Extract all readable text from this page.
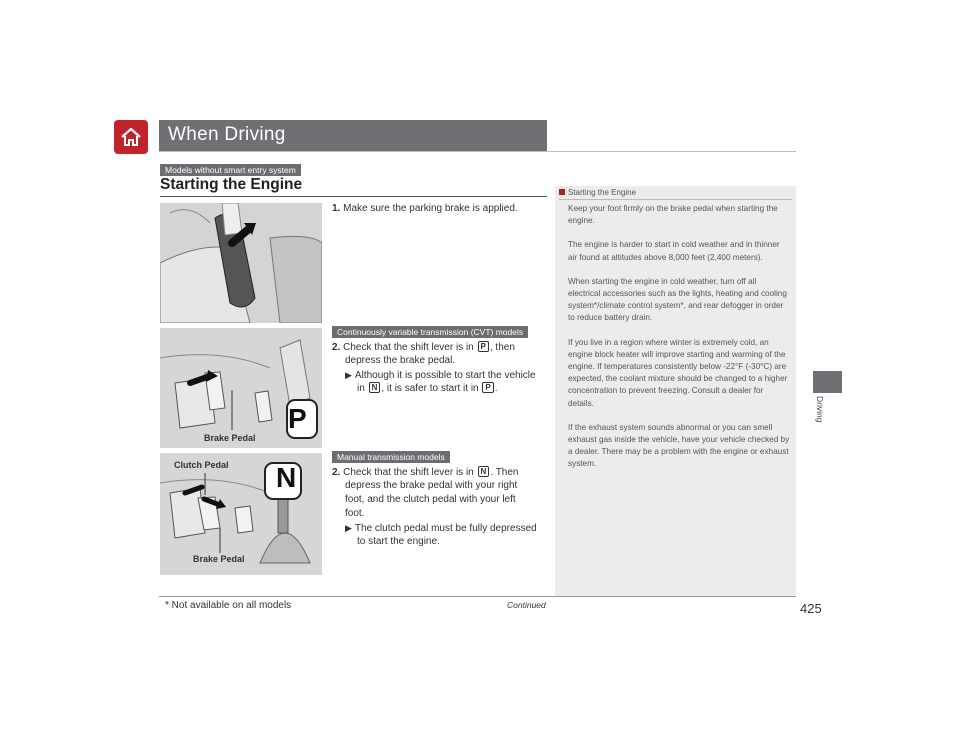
When Driving
Models without smart entry system
Starting the Engine
P
Brake Pedal
N
Clutch Pedal
Brake Pedal
1. Make sure the parking brake is applied.
Continuously variable transmission (CVT) models
2. Check that the shift lever is in P , then
depress the brake pedal.
▶ Although it is possible to start the vehicle
in N , it is safer to start it in P .
Manual transmission models
2. Check that the shift lever is in N . Then
depress the brake pedal with your right
foot, and the clutch pedal with your left
foot.
▶ The clutch pedal must be fully depressed
to start the engine.
Starting the Engine

Keep your foot firmly on the brake pedal when starting the engine.

The engine is harder to start in cold weather and in thinner air found at altitudes above 8,000 feet (2,400 meters).

When starting the engine in cold weather, turn off all electrical accessories such as the lights, heating and cooling system*/climate control system*, and rear defogger in order to reduce battery drain.

If you live in a region where winter is extremely cold, an engine block heater will improve starting and warming of the engine. If temperatures consistently below -22°F (-30°C) are expected, the coolant mixture should be changed to a higher concentration to prevent freezing. Consult a dealer for details.

If the exhaust system sounds abnormal or you can smell exhaust gas inside the vehicle, have your vehicle checked by a dealer. There may be a problem with the engine or exhaust system.

Driving
* Not available on all models	Continued	425
